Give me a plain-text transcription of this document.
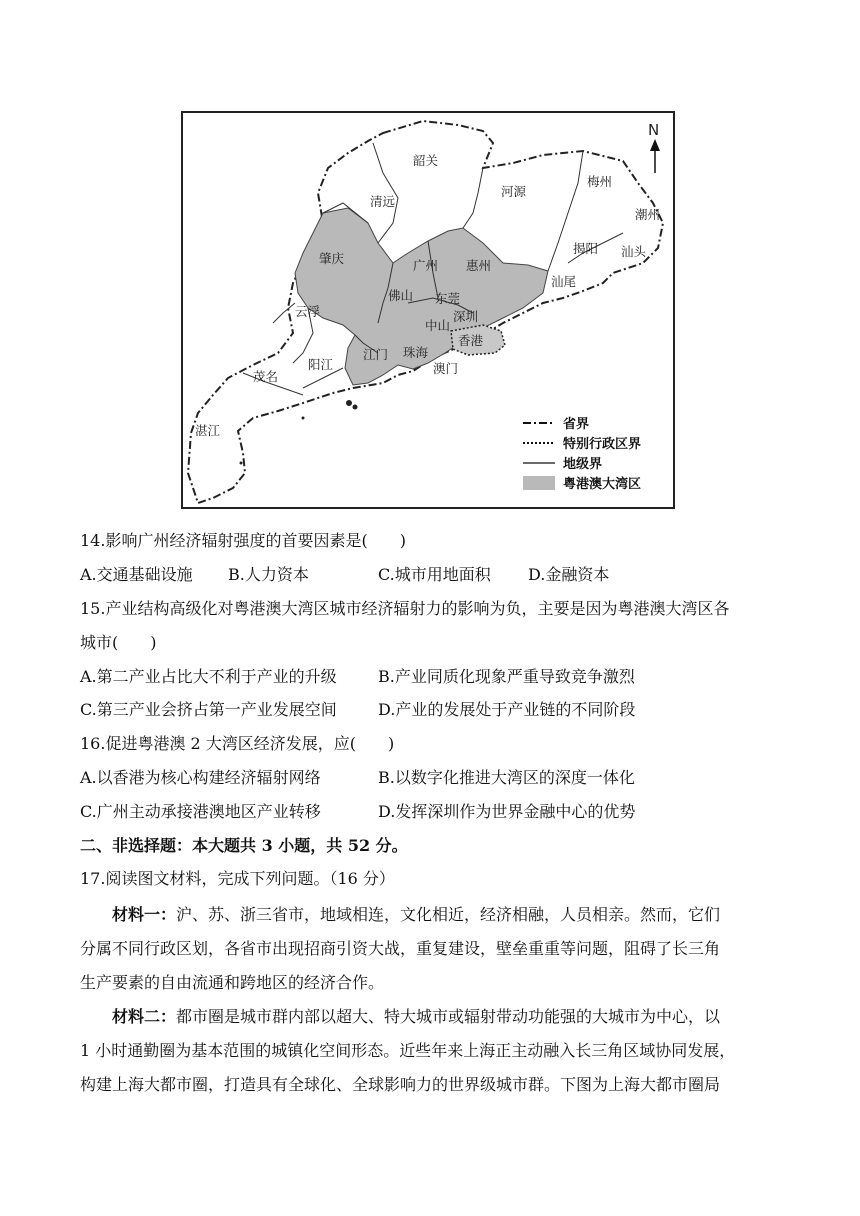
N
韶关
清远
河源
梅州
潮州
揭阳 汕头
汕尾
肇庆	广州 惠州
佛山 东莞
深圳
云浮
中山
香港
江门 珠海
澳门
阳江
茂名
湛江	省界
特别行政区界
地级界
粤港澳大湾区
14.影响广州经济辐射强度的首要因素是(　　)
A.交通基础设施 B.人力资本	C.城市用地面积 D.金融资本
15.产业结构高级化对粤港澳大湾区城市经济辐射力的影响为负，主要是因为粤港澳大湾区各
城市(　　)
A.第二产业占比大不利于产业的升级	B.产业同质化现象严重导致竞争激烈
C.第三产业会挤占第一产业发展空间	D.产业的发展处于产业链的不同阶段
16.促进粤港澳 2 大湾区经济发展，应(　　)
A.以香港为核心构建经济辐射网络	B.以数字化推进大湾区的深度一体化
C.广州主动承接港澳地区产业转移	D.发挥深圳作为世界金融中心的优势
二、非选择题：本大题共 3 小题，共 52 分。
17.阅读图文材料，完成下列问题。（16 分）
材料一：沪、苏、浙三省市，地域相连，文化相近，经济相融，人员相亲。然而，它们
分属不同行政区划，各省市出现招商引资大战，重复建设，壁垒重重等问题，阻碍了长三角
生产要素的自由流通和跨地区的经济合作。
材料二：都市圈是城市群内部以超大、特大城市或辐射带动功能强的大城市为中心，以
1 小时通勤圈为基本范围的城镇化空间形态。近些年来上海正主动融入长三角区域协同发展，
构建上海大都市圈，打造具有全球化、全球影响力的世界级城市群。下图为上海大都市圈局
